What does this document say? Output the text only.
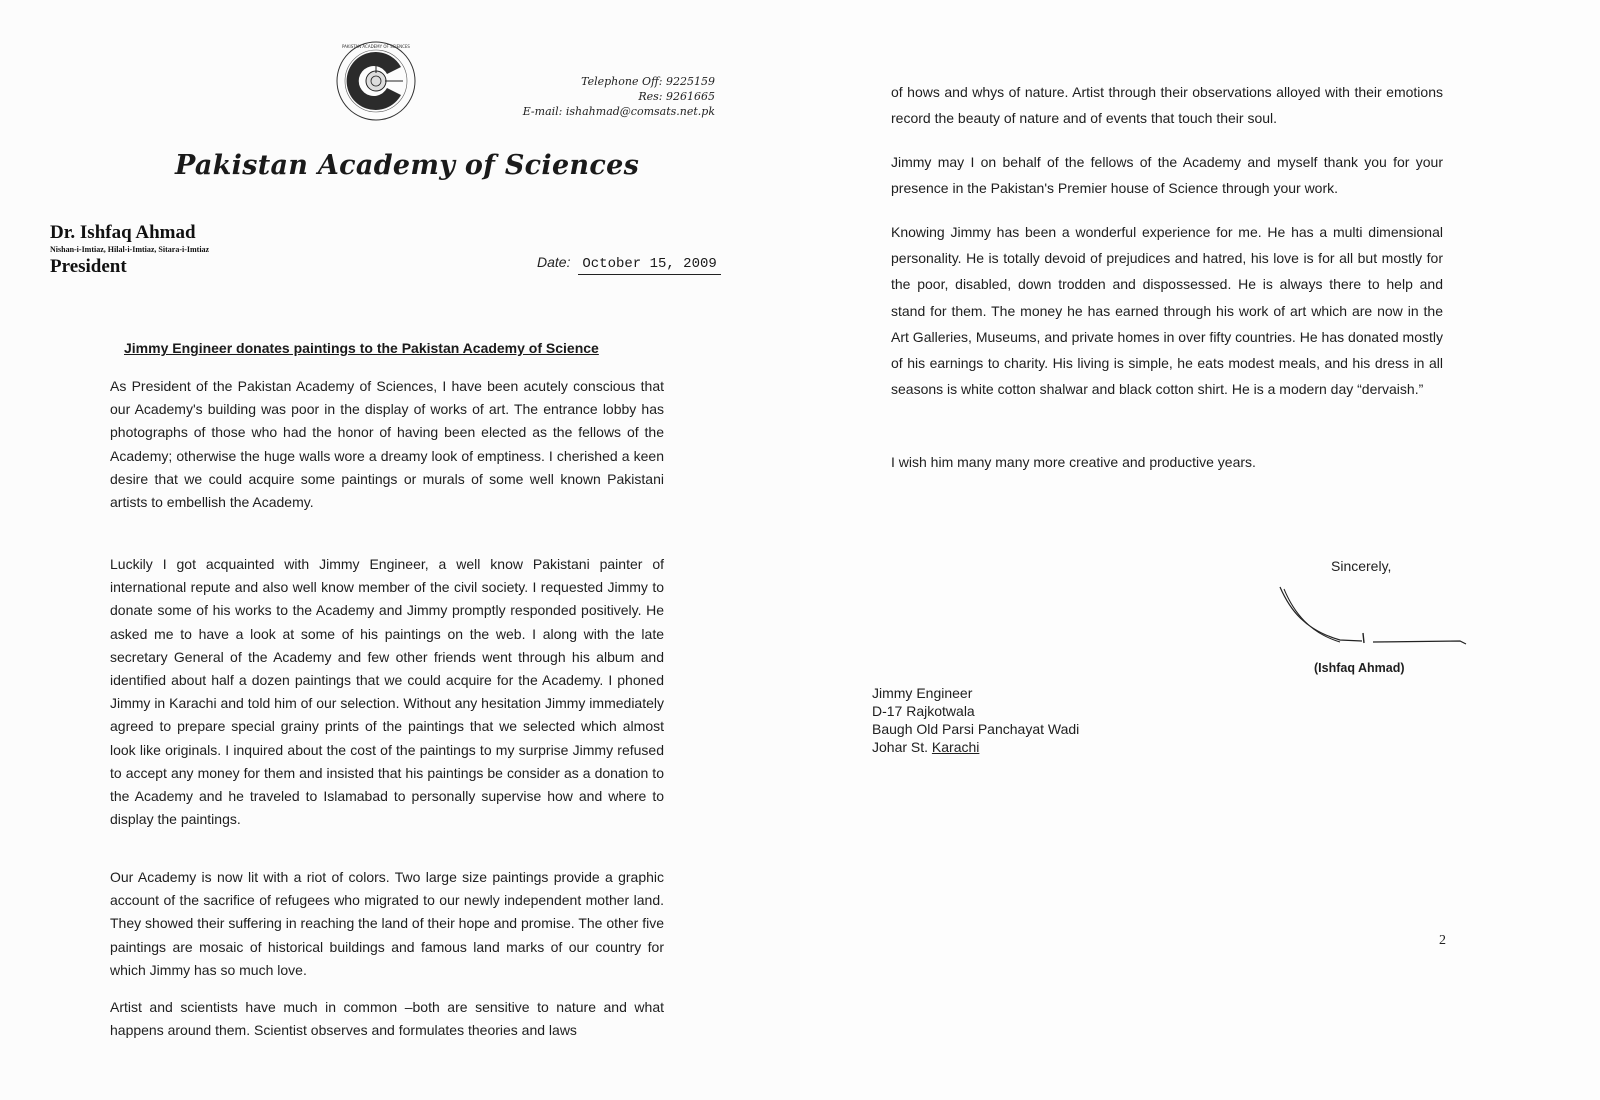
PAKISTAN ACADEMY OF SCIENCES
Telephone Off: 9225159
Res: 9261665
E-mail: ishahmad@comsats.net.pk
Pakistan Academy of Sciences
Dr. Ishfaq Ahmad
Nishan-i-Imtiaz, Hilal-i-Imtiaz, Sitara-i-Imtiaz
President	Date: October 15, 2009
Jimmy Engineer donates paintings to the Pakistan Academy of Science

As President of the Pakistan Academy of Sciences, I have been acutely conscious that our Academy's building was poor in the display of works of art. The entrance lobby has photographs of those who had the honor of having been elected as the fellows of the Academy; otherwise the huge walls wore a dreamy look of emptiness. I cherished a keen desire that we could acquire some paintings or murals of some well known Pakistani artists to embellish the Academy.

Luckily I got acquainted with Jimmy Engineer, a well know Pakistani painter of international repute and also well know member of the civil society. I requested Jimmy to donate some of his works to the Academy and Jimmy promptly responded positively. He asked me to have a look at some of his paintings on the web. I along with the late secretary General of the Academy and few other friends went through his album and identified about half a dozen paintings that we could acquire for the Academy. I phoned Jimmy in Karachi and told him of our selection. Without any hesitation Jimmy immediately agreed to prepare special grainy prints of the paintings that we selected which almost look like originals. I inquired about the cost of the paintings to my surprise Jimmy refused to accept any money for them and insisted that his paintings be consider as a donation to the Academy and he traveled to Islamabad to personally supervise how and where to display the paintings.

Our Academy is now lit with a riot of colors. Two large size paintings provide a graphic account of the sacrifice of refugees who migrated to our newly independent mother land. They showed their suffering in reaching the land of their hope and promise. The other five paintings are mosaic of historical buildings and famous land marks of our country for which Jimmy has so much love.

Artist and scientists have much in common –both are sensitive to nature and what happens around them. Scientist observes and formulates theories and laws

of hows and whys of nature. Artist through their observations alloyed with their emotions record the beauty of nature and of events that touch their soul.

Jimmy may I on behalf of the fellows of the Academy and myself thank you for your presence in the Pakistan's Premier house of Science through your work.

Knowing Jimmy has been a wonderful experience for me. He has a multi dimensional personality. He is totally devoid of prejudices and hatred, his love is for all but mostly for the poor, disabled, down trodden and dispossessed. He is always there to help and stand for them. The money he has earned through his work of art which are now in the Art Galleries, Museums, and private homes in over fifty countries. He has donated mostly of his earnings to charity. His living is simple, he eats modest meals, and his dress in all seasons is white cotton shalwar and black cotton shirt. He is a modern day “dervaish.”

I wish him many many more creative and productive years.

Sincerely,
(Ishfaq Ahmad)
Jimmy Engineer
D-17 Rajkotwala
Baugh Old Parsi Panchayat Wadi
Johar St. Karachi
2
